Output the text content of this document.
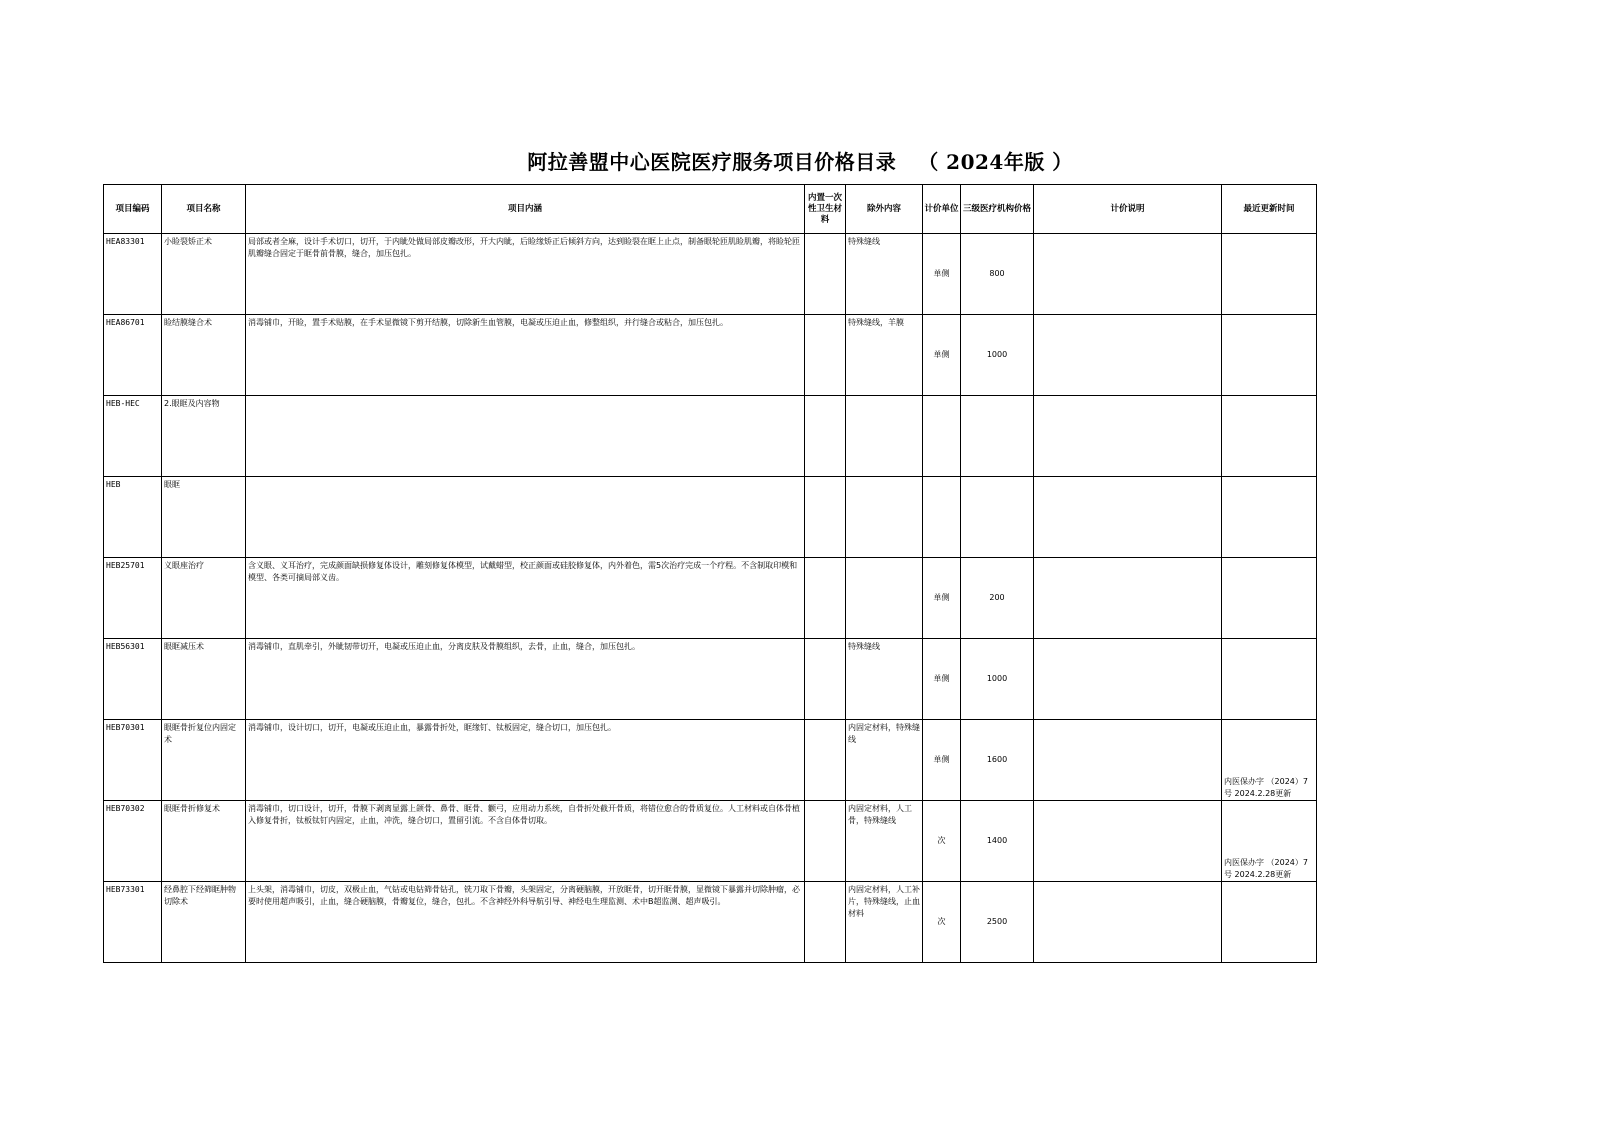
阿拉善盟中心医院医疗服务项目价格目录 （ 2024年版 ）
项目编码	项目名称	项目内涵	内置一次性卫生材料	除外内容	计价单位	三级医疗机构价格	计价说明	最近更新时间
HEA83301	小睑裂矫正术	局部或者全麻，设计手术切口，切开，于内眦处做局部皮瓣改形，开大内眦，后睑缘矫正后倾斜方向，达到睑裂在眶上止点，制备眼轮匝肌睑肌瓣，将睑轮匝肌瓣缝合固定于眶骨前骨膜，缝合，加压包扎。		特殊缝线	单侧	800		
HEA86701	睑结膜缝合术	消毒铺巾，开睑，置手术贴膜，在手术显微镜下剪开结膜，切除新生血管膜，电凝或压迫止血，修整组织，并行缝合或粘合，加压包扎。		特殊缝线，羊膜	单侧	1000		
HEB-HEC	2.眼眶及内容物							
HEB	眼眶							
HEB25701	义眼座治疗	含义眼、义耳治疗，完成颜面缺损修复体设计，雕刻修复体模型，试戴蜡型，校正颜面或硅胶修复体，内外着色，需5次治疗完成一个疗程。不含制取印模和模型、各类可摘局部义齿。			单侧	200		
HEB56301	眼眶减压术	消毒铺巾，直肌牵引，外眦韧带切开，电凝或压迫止血，分离皮肤及骨膜组织，去骨，止血，缝合，加压包扎。		特殊缝线	单侧	1000		
HEB70301	眼眶骨折复位内固定术	消毒铺巾，设计切口，切开，电凝或压迫止血，暴露骨折处，眶缘钉、钛板固定，缝合切口，加压包扎。		内固定材料，特殊缝线	单侧	1600		内医保办字 （2024）7号 2024.2.28更新
HEB70302	眼眶骨折修复术	消毒铺巾，切口设计，切开，骨膜下剥离显露上颌骨、鼻骨、眶骨、颧弓，应用动力系统，自骨折处截开骨质，将错位愈合的骨质复位。人工材料或自体骨植入修复骨折，钛板钛钉内固定，止血，冲洗，缝合切口，置留引流。不含自体骨切取。		内固定材料，人工骨，特殊缝线	次	1400		内医保办字 （2024）7号 2024.2.28更新
HEB73301	经鼻腔下经筛眶肿物切除术	上头架，消毒铺巾，切皮，双极止血，气钻或电钻筛骨钻孔，铣刀取下骨瓣，头架固定，分离硬脑膜，开放眶骨，切开眶骨膜，显微镜下暴露并切除肿瘤，必要时使用超声吸引，止血，缝合硬脑膜，骨瓣复位，缝合，包扎。不含神经外科导航引导、神经电生理监测、术中B超监测、超声吸引。		内固定材料，人工补片，特殊缝线，止血材料	次	2500		
